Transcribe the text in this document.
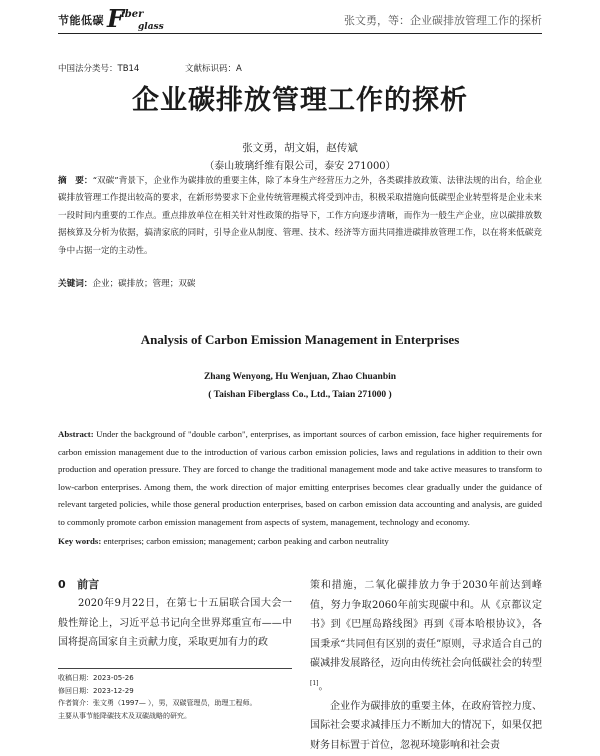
节能低碳 F
iber
glass	张文勇，等：企业碳排放管理工作的探析
中国法分类号：TB14	文献标识码：A
企业碳排放管理工作的探析
张文勇，胡文娟，赵传斌
（泰山玻璃纤维有限公司，泰安 271000）
摘　要：“双碳”背景下，企业作为碳排放的重要主体，除了本身生产经营压力之外，各类碳排放政策、法律法规的出台，给企业碳排放管理工作提出较高的要求，在新形势要求下企业传统管理模式将受到冲击，积极采取措施向低碳型企业转型将是企业未来一段时间内重要的工作点。重点排放单位在相关针对性政策的指导下，工作方向逐步清晰，而作为一般生产企业，应以碳排放数据核算及分析为依据，搞清家底的同时，引导企业从制度、管理、技术、经济等方面共同推进碳排放管理工作，以在将来低碳竞争中占据一定的主动性。
关键词：企业；碳排放；管理；双碳
Analysis of Carbon Emission Management in Enterprises
Zhang Wenyong, Hu Wenjuan, Zhao Chuanbin
( Taishan Fiberglass Co., Ltd., Taian 271000 )
Abstract: Under the background of "double carbon", enterprises, as important sources of carbon emission, face higher requirements for carbon emission management due to the introduction of various carbon emission policies, laws and regulations in addition to their own production and operation pressure. They are forced to change the traditional management mode and take active measures to transform to low-carbon enterprises. Among them, the work direction of major emitting enterprises becomes clear gradually under the guidance of relevant targeted policies, while those general production enterprises, based on carbon emission data accounting and analysis, are guided to commonly promote carbon emission management from aspects of system, management, technology and economy.
Key words: enterprises; carbon emission; management; carbon peaking and carbon neutrality
0 前言
2020年9月22日，在第七十五届联合国大会一般性辩论上，习近平总书记向全世界郑重宣布——中国将提高国家自主贡献力度，采取更加有力的政

策和措施，二氧化碳排放力争于2030年前达到峰值，努力争取2060年前实现碳中和。从《京都议定书》到《巴厘岛路线图》再到《哥本哈根协议》，各国秉承“共同但有区别的责任”原则，寻求适合自己的碳减排发展路径，迈向由传统社会向低碳社会的转型[1]。

企业作为碳排放的重要主体，在政府管控力度、国际社会要求减排压力不断加大的情况下，如果仅把财务目标置于首位，忽视环境影响和社会责

收稿日期：2023-05-26
修回日期：2023-12-29
作者简介：张文勇（1997— ），男，双碳管理员，助理工程师。
主要从事节能降碳技术及双碳战略的研究。
